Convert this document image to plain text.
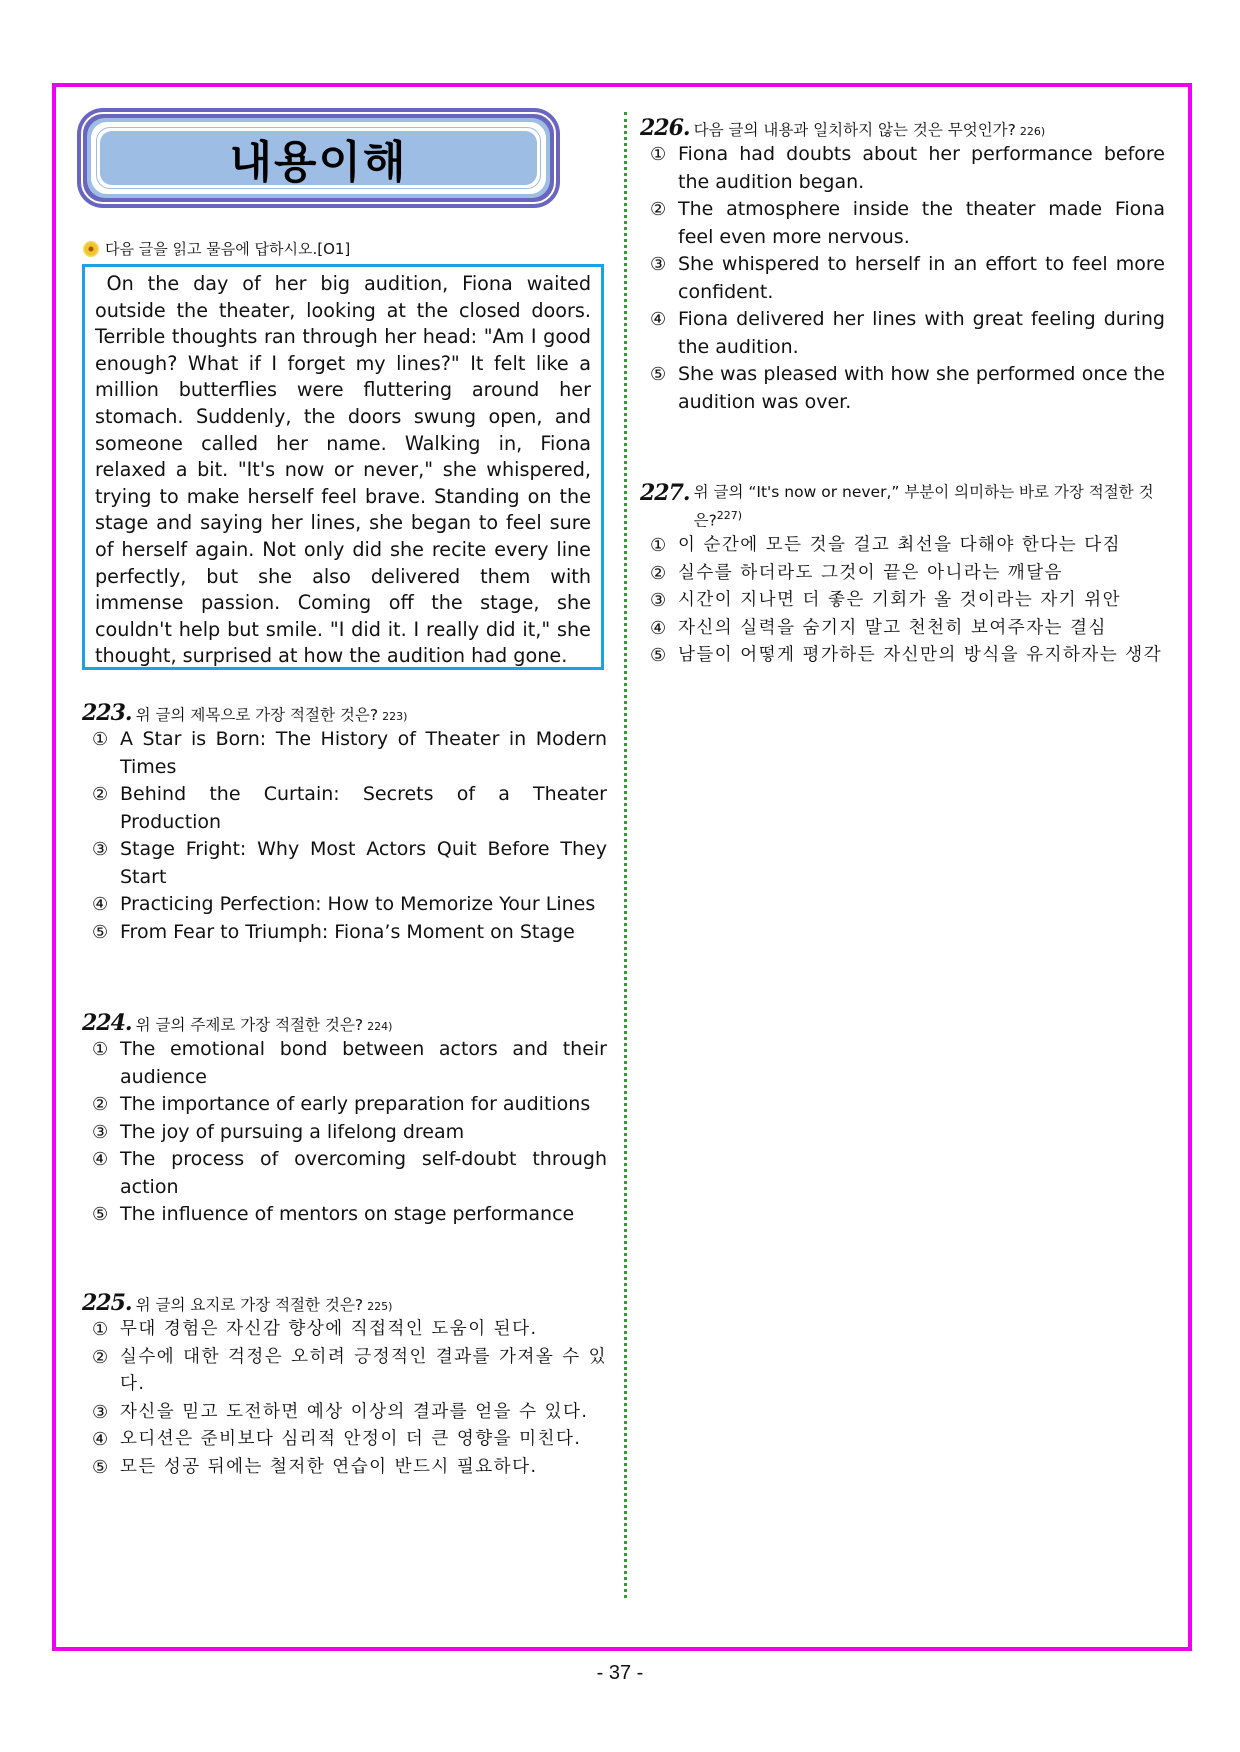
내용이해
다음 글을 읽고 물음에 답하시오.[O1]

On the day of her big audition, Fiona waited outside the theater, looking at the closed doors. Terrible thoughts ran through her head: "Am I good enough? What if I forget my lines?" It felt like a million butterflies were fluttering around her stomach. Suddenly, the doors swung open, and someone called her name. Walking in, Fiona relaxed a bit. "It's now or never," she whispered, trying to make herself feel brave. Standing on the stage and saying her lines, she began to feel sure of herself again. Not only did she recite every line perfectly, but she also delivered them with immense passion. Coming off the stage, she couldn't help but smile. "I did it. I really did it," she thought, surprised at how the audition had gone.

223. 위 글의 제목으로 가장 적절한 것은? 223)
① A Star is Born: The History of Theater in Modern Times
② Behind the Curtain: Secrets of a Theater Production
③ Stage Fright: Why Most Actors Quit Before They Start
④ Practicing Perfection: How to Memorize Your Lines
⑤ From Fear to Triumph: Fiona’s Moment on Stage
224. 위 글의 주제로 가장 적절한 것은? 224)
① The emotional bond between actors and their audience
② The importance of early preparation for auditions
③ The joy of pursuing a lifelong dream
④ The process of overcoming self-doubt through action
⑤ The influence of mentors on stage performance
225. 위 글의 요지로 가장 적절한 것은? 225)
① 무대 경험은 자신감 향상에 직접적인 도움이 된다.
② 실수에 대한 걱정은 오히려 긍정적인 결과를 가져올 수 있다.
③ 자신을 믿고 도전하면 예상 이상의 결과를 얻을 수 있다.
④ 오디션은 준비보다 심리적 안정이 더 큰 영향을 미친다.
⑤ 모든 성공 뒤에는 철저한 연습이 반드시 필요하다.
226. 다음 글의 내용과 일치하지 않는 것은 무엇인가? 226)
① Fiona had doubts about her performance before the audition began.
② The atmosphere inside the theater made Fiona feel even more nervous.
③ She whispered to herself in an effort to feel more confident.
④ Fiona delivered her lines with great feeling during the audition.
⑤ She was pleased with how she performed once the audition was over.
227. 위 글의 “It's now or never,” 부분이 의미하는 바로 가장 적절한 것은?$^{227)}$
① 이 순간에 모든 것을 걸고 최선을 다해야 한다는 다짐
② 실수를 하더라도 그것이 끝은 아니라는 깨달음
③ 시간이 지나면 더 좋은 기회가 올 것이라는 자기 위안
④ 자신의 실력을 숨기지 말고 천천히 보여주자는 결심
⑤ 남들이 어떻게 평가하든 자신만의 방식을 유지하자는 생각
- 37 -
